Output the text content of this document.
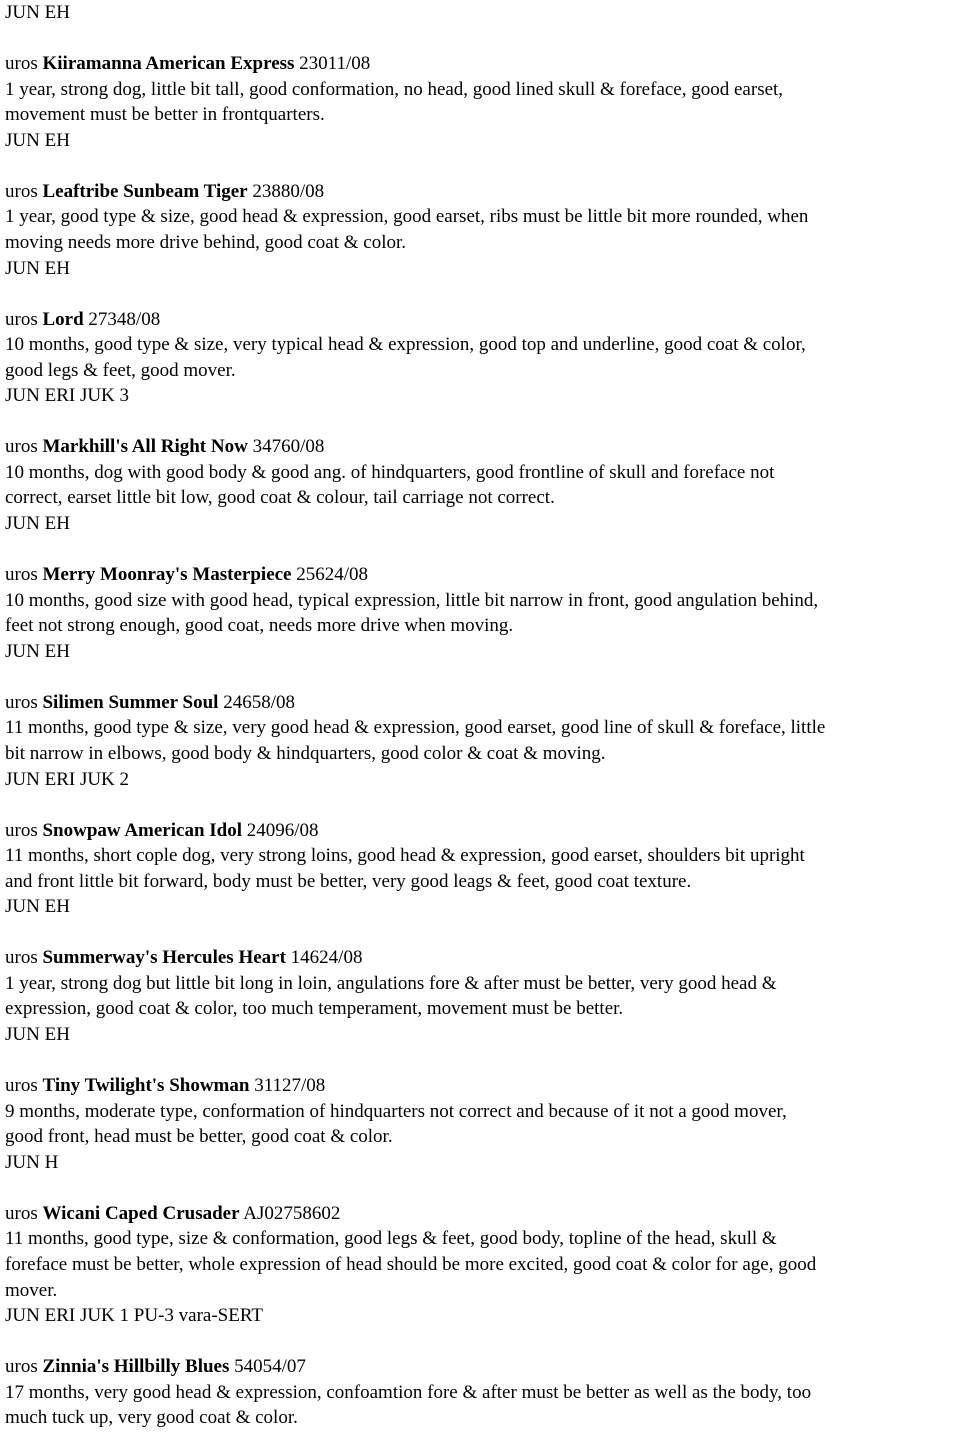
JUN EH
uros Kiiramanna American Express 23011/08
1 year, strong dog, little bit tall, good conformation, no head, good lined skull & foreface, good earset,
movement must be better in frontquarters.
JUN EH
uros Leaftribe Sunbeam Tiger 23880/08
1 year, good type & size, good head & expression, good earset, ribs must be little bit more rounded, when
moving needs more drive behind, good coat & color.
JUN EH
uros Lord 27348/08
10 months, good type & size, very typical head & expression, good top and underline, good coat & color,
good legs & feet, good mover.
JUN ERI JUK 3
uros Markhill's All Right Now 34760/08
10 months, dog with good body & good ang. of hindquarters, good frontline of skull and foreface not
correct, earset little bit low, good coat & colour, tail carriage not correct.
JUN EH
uros Merry Moonray's Masterpiece 25624/08
10 months, good size with good head, typical expression, little bit narrow in front, good angulation behind,
feet not strong enough, good coat, needs more drive when moving.
JUN EH
uros Silimen Summer Soul 24658/08
11 months, good type & size, very good head & expression, good earset, good line of skull & foreface, little
bit narrow in elbows, good body & hindquarters, good color & coat & moving.
JUN ERI JUK 2
uros Snowpaw American Idol 24096/08
11 months, short cople dog, very strong loins, good head & expression, good earset, shoulders bit upright
and front little bit forward, body must be better, very good leags & feet, good coat texture.
JUN EH
uros Summerway's Hercules Heart 14624/08
1 year, strong dog but little bit long in loin, angulations fore & after must be better, very good head &
expression, good coat & color, too much temperament, movement must be better.
JUN EH
uros Tiny Twilight's Showman 31127/08
9 months, moderate type, conformation of hindquarters not correct and because of it not a good mover,
good front, head must be better, good coat & color.
JUN H
uros Wicani Caped Crusader AJ02758602
11 months, good type, size & conformation, good legs & feet, good body, topline of the head, skull &
foreface must be better, whole expression of head should be more excited, good coat & color for age, good
mover.
JUN ERI JUK 1 PU-3 vara-SERT
uros Zinnia's Hillbilly Blues 54054/07
17 months, very good head & expression, confoamtion fore & after must be better as well as the body, too
much tuck up, very good coat & color.
